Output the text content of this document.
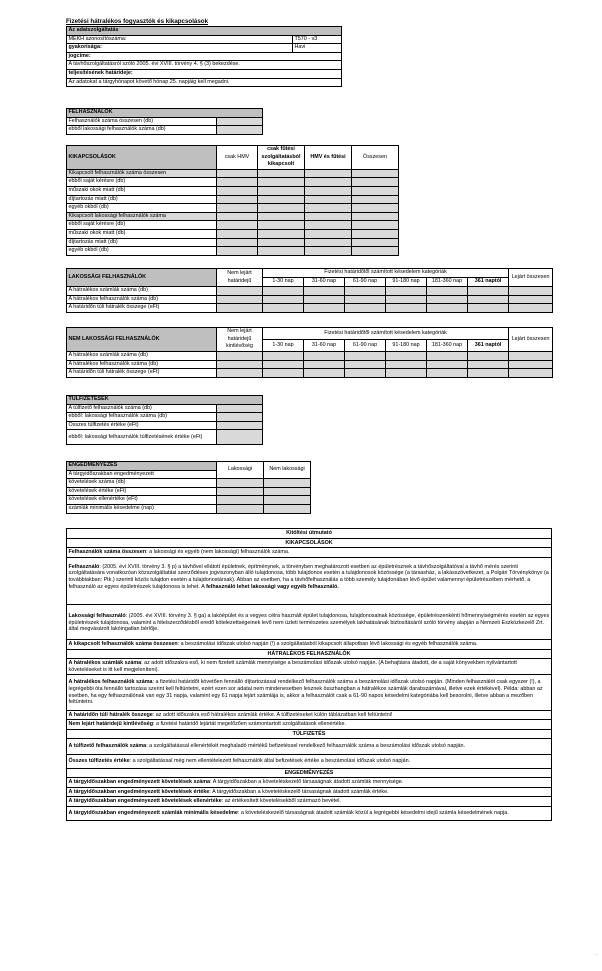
Fizetési hátralékos fogyasztók és kikapcsolások
Az adatszolgáltatás	
MEKH azonosítószáma:	T570 - v3
gyakorisága:	Havi
jogcíme:	
A távhőszolgáltatásról szóló 2005. évi XVIII. törvény 4. § (3) bekezdése.	
teljesítésének határideje:	
Az adatokat a tárgyhónapot követő hónap 25. napjáig kell megadni.	
FELHASZNÁLÓK	
Felhasználók száma összesen (db)	
ebből lakossági felhasználók száma (db)	
KIKAPCSOLÁSOK	csak HMV	csak fűtési szolgáltatásból kikapcsolt	HMV és fűtési	Összesen
Kikapcsolt felhasználók száma összesen				
ebből saját kérésre (db)				
műszaki okok miatt (db)				
díjtartozás miatt (db)				
egyéb okból (db)				
Kikapcsolt lakossági felhasználók száma				
ebből saját kérésre (db)				
műszaki okok miatt (db)				
díjtartozás miatt (db)				
egyéb okból (db)				
LAKOSSÁGI FELHASZNÁLÓK	Nem lejárt határidejű	Fizetési határidőtől számított késedelem kategóriák						Lejárt összesen
		1-30 nap	31-60 nap	61-90 nap	91-180 nap	181-360 nap	361 naptól	
A hátralékos számlák száma (db)								
A hátralékos felhasználók száma (db)								
A határidőn túli hátralék összege (eFt)								
NEM LAKOSSÁGI FELHASZNÁLÓK	Nem lejárt határidejű kintlévőség	Fizetési határidőtől számított késedelem kategóriák						Lejárt összesen
		1-30 nap	31-60 nap	61-90 nap	91-180 nap	181-360 nap	361 naptól	
A hátralékos számlák száma (db)								
A hátralékos felhasználók száma (db)								
A határidőn túli hátralék összege (eFt)								
TÚLFIZETÉSEK	
A túlfizető felhasználók száma (db)	
ebből: lakossági felhasználók száma (db)	
Összes túlfizetés értéke (eFt)	
ebből: lakossági felhasználók túlfizetésének értéke (eFt)	
ENGEDMÉNYEZÉS	Lakossági	Nem lakossági
A tárgyidőszakban engedményezett		
követelések száma (db)		
követelések értéke (eFt)		
követelések ellenértéke (eFt)		
számlák minimális késedelme (nap)		
Kitöltési útmutató
KIKAPCSOLÁSOK
Felhasználók száma összesen: a lakossági és egyéb (nem lakossági) felhasználók száma.
Felhasználó: (2005. évi XVIII. törvény 3. § p) a távhővel ellátott épületnek, építménynek, a törvényben meghatározott esetben az épületrésznek a távhőszolgáltatóval a távhő mérés szerinti szolgáltatására vonatkozóan közszolgáltatási szerződéses jogviszonyban álló tulajdonosa, több tulajdonos esetén a tulajdonosok közössége (a társasház, a lakásszövetkezet, a Polgári Törvénykönyv (a továbbiakban: Ptk.) szerinti közös tulajdon esetén a tulajdonostársak). Abban az esetben, ha a távhőfelhasználás a több személy tulajdonában lévő épület valamennyi épületrészében mérhető, a felhasználó az egyes épületrészek tulajdonosa is lehet. A felhasználó lehet lakossági vagy egyéb felhasználó.
Lakossági felhasználó: (2005. évi XVIII. törvény 3. § ga) a lakóépület és a vegyes célra használt épület tulajdonosa, tulajdonosainak közössége, épületrészenkénti hőmennyiségmérés esetén az egyes épületrészek tulajdonosa, valamint a hitelszerződésből eredő kötelezettségeinek levő nem üzleti természetes személyek lakhatásának biztosításáról szóló törvény alapján a Nemzeti Eszközkezelő Zrt. által megvásárolt lakóingatlan bérlője.
A kikapcsolt felhasználók száma összesen: a beszámolási időszak utolsó napján (!) a szolgáltatásból kikapcsolt állapotban lévő lakossági és egyéb felhasználók száma.
HÁTRALÉKOS FELHASZNÁLÓK
A hátralékos számlák száma: az adott időszakra eső, ki nem fizetett számlák mennyisége a beszámolási időszak utolsó napján. (A behajtásra átadott, de a saját könyvekben nyilvántartott követeléseket is itt kell megjeleníteni).
A hátralékos felhasználók száma: a fizetési határidőt követően fennálló díjtartozással rendelkező felhasználók száma a beszámolási időszak utolsó napján. (Minden felhasználót csak egyszer (!), a legrégebbi óta fennálló tartozása szerint kell feltüntetni, ezért ezen sor adatai nem mindenesetben lesznek összhangban a hátralékos számlák darabszámával, illetve ezek értékével). Példa: abban az esetben, ha egy felhasználónak van egy 31 napja, valamint egy 61 napja lejárt számlája is, akkor a felhasználót csak a 61-90 napos késedelmi kategóriába kell besorolni, illetve abban a mezőben feltüntetni.
A határidőn túli hátralék összege: az adott időszakra eső hátralékos számlák értéke. A túlfizetéseket külön táblázatban kell feltüntetni!
Nem lejárt határidejű kintlévőség: a fizetési határidő lejártát megelőzően számontartott szolgáltatások ellenértéke.
TÚLFIZETÉS
A túlfizető felhasználók száma: a szolgáltatással ellenértékét meghaladó mértékű befizetéssel rendelkező felhasználók száma a beszámolási időszak utolsó napján.
Összes túlfizetés értéke: a szolgáltatással még nem ellentételezett felhasználók által befizetések értéke a beszámolási időszak utolsó napján.
ENGEDMÉNYEZÉS
A tárgyidőszakban engedményezett követelések száma: A tárgyidőszakban a követeléskezelő társaságnak átadott számlák mennyisége.
A tárgyidőszakban engedményezett követelések értéke: A tárgyidőszakban a követeléskezelő társaságnak átadott számlák értéke.
A tárgyidőszakban engedményezett követelések ellenértéke: az értékesített követelésekből származó bevétel.
A tárgyidőszakban engedményezett számlák minimális késedelme: a követeléskezelő társaságnak átadott számlák közül a legrégebbi késedelmi idejű számla késedelmének napja.
...
